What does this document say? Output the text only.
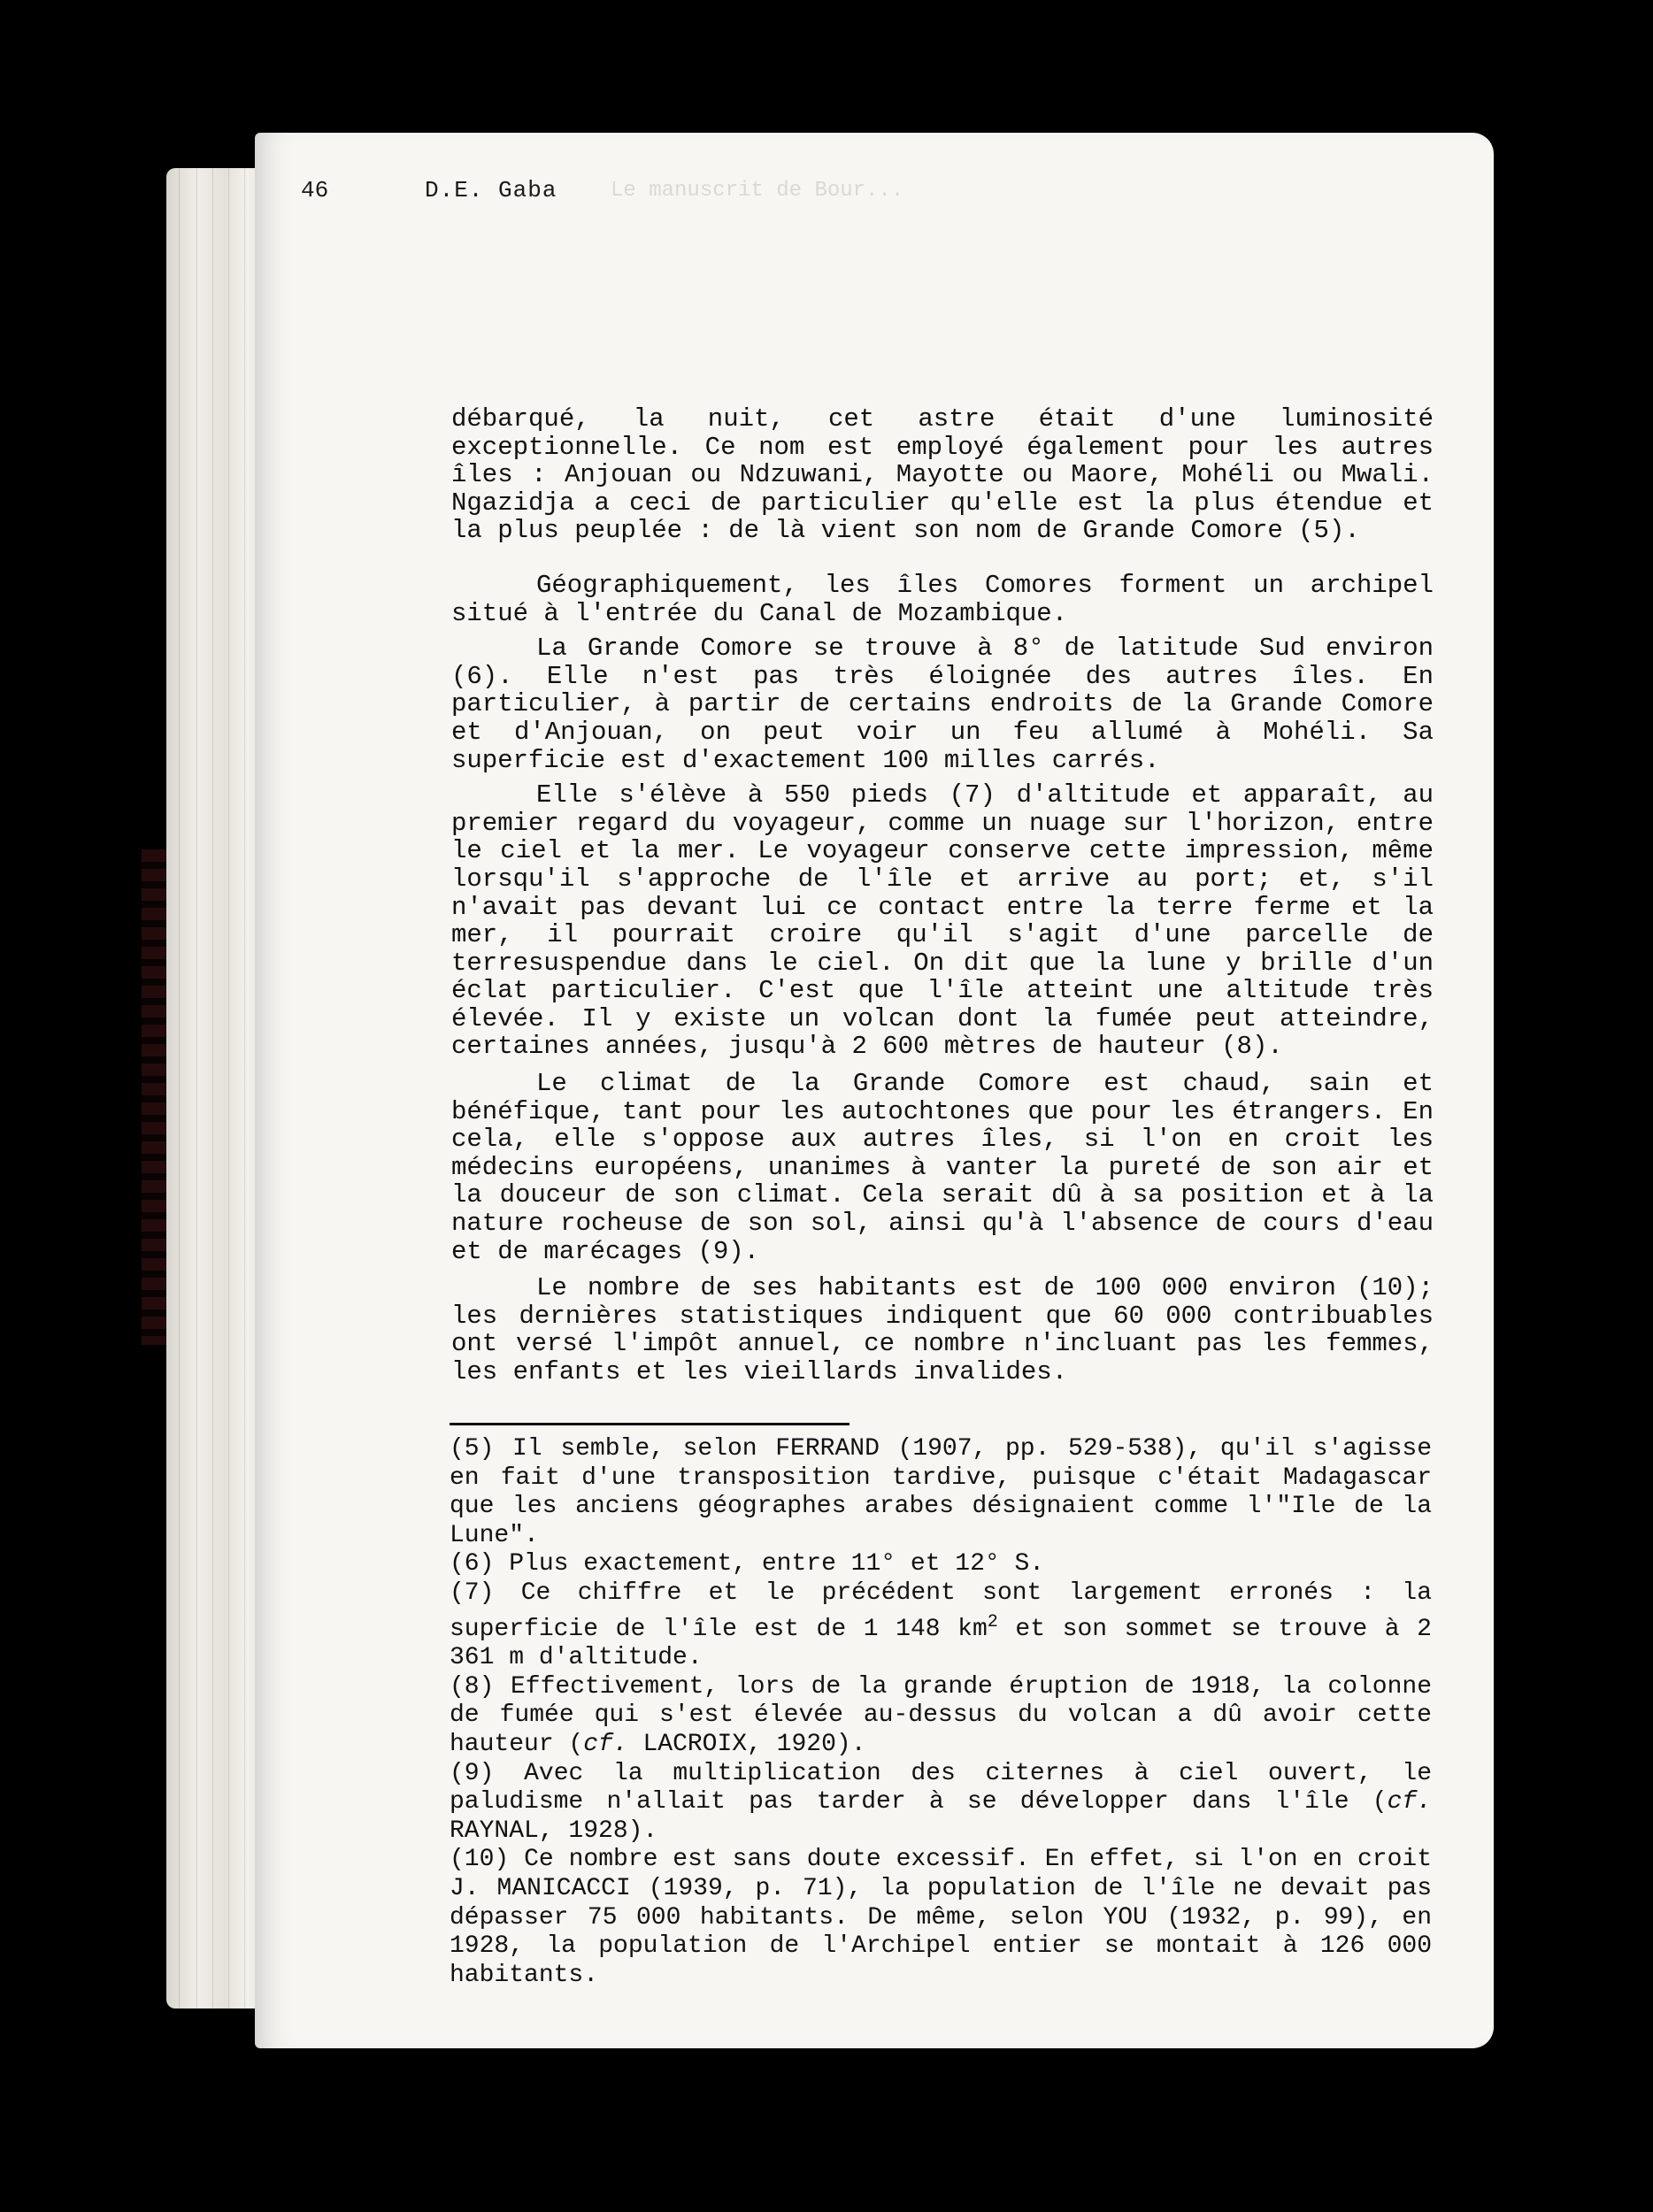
Le manuscrit de Bour...
46	D.E. Gaba

débarqué, la nuit, cet astre était d'une luminosité exceptionnelle. Ce nom est employé également pour les autres îles : Anjouan ou Ndzuwani, Mayotte ou Maore, Mohéli ou Mwali. Ngazidja a ceci de particulier qu'elle est la plus étendue et la plus peuplée : de là vient son nom de Grande Comore (5).

Géographiquement, les îles Comores forment un archipel situé à l'entrée du Canal de Mozambique.

La Grande Comore se trouve à 8° de latitude Sud environ (6). Elle n'est pas très éloignée des autres îles. En particulier, à partir de certains endroits de la Grande Comore et d'Anjouan, on peut voir un feu allumé à Mohéli. Sa superficie est d'exactement 100 milles carrés.

Elle s'élève à 550 pieds (7) d'altitude et apparaît, au premier regard du voyageur, comme un nuage sur l'horizon, entre le ciel et la mer. Le voyageur conserve cette impression, même lorsqu'il s'approche de l'île et arrive au port; et, s'il n'avait pas devant lui ce contact entre la terre ferme et la mer, il pourrait croire qu'il s'agit d'une parcelle de terresuspendue dans le ciel. On dit que la lune y brille d'un éclat particulier. C'est que l'île atteint une altitude très élevée. Il y existe un volcan dont la fumée peut atteindre, certaines années, jusqu'à 2 600 mètres de hauteur (8).

Le climat de la Grande Comore est chaud, sain et bénéfique, tant pour les autochtones que pour les étrangers. En cela, elle s'oppose aux autres îles, si l'on en croit les médecins européens, unanimes à vanter la pureté de son air et la douceur de son climat. Cela serait dû à sa position et à la nature rocheuse de son sol, ainsi qu'à l'absence de cours d'eau et de marécages (9).

Le nombre de ses habitants est de 100 000 environ (10); les dernières statistiques indiquent que 60 000 contribuables ont versé l'impôt annuel, ce nombre n'incluant pas les femmes, les enfants et les vieillards invalides.

(5) Il semble, selon FERRAND (1907, pp. 529-538), qu'il s'agisse en fait d'une transposition tardive, puisque c'était Madagascar que les anciens géographes arabes désignaient comme l'"Ile de la Lune".

(6) Plus exactement, entre 11° et 12° S.

(7) Ce chiffre et le précédent sont largement erronés : la superficie de l'île est de 1 148 $km^2$ et son sommet se trouve à 2 361 m d'altitude.

(8) Effectivement, lors de la grande éruption de 1918, la colonne de fumée qui s'est élevée au-dessus du volcan a dû avoir cette hauteur (cf. LACROIX, 1920).

(9) Avec la multiplication des citernes à ciel ouvert, le paludisme n'allait pas tarder à se développer dans l'île (cf. RAYNAL, 1928).

(10) Ce nombre est sans doute excessif. En effet, si l'on en croit J. MANICACCI (1939, p. 71), la population de l'île ne devait pas dépasser 75 000 habitants. De même, selon YOU (1932, p. 99), en 1928, la population de l'Archipel entier se montait à 126 000 habitants.
